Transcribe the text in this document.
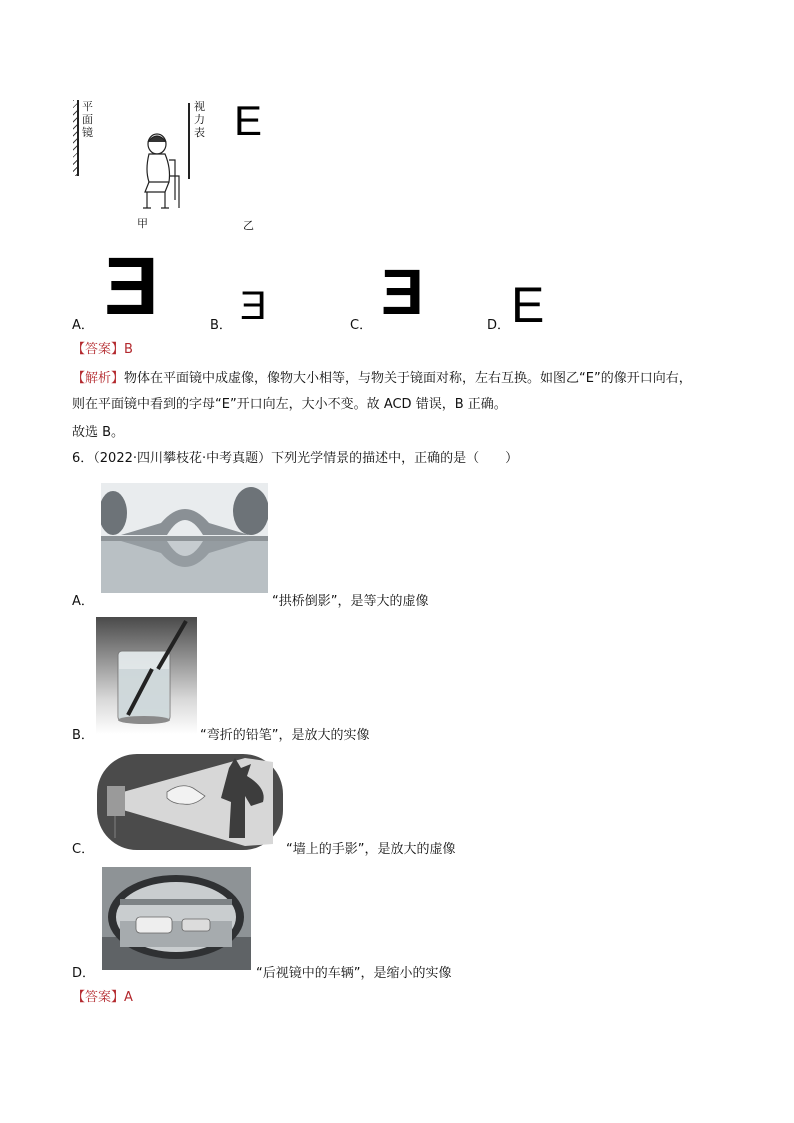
平面镜
视力表 E
甲	乙
A． E	B． E	C． E	D． E
【答案】B
【解析】物体在平面镜中成虚像，像物大小相等，与物关于镜面对称，左右互换。如图乙“E”的像开口向右，
则在平面镜中看到的字母“E”开口向左，大小不变。故 ACD 错误，B 正确。
故选 B。
6．（2022·四川攀枝花·中考真题）下列光学情景的描述中，正确的是（　　）
A．	“拱桥倒影”，是等大的虚像
B．	“弯折的铅笔”，是放大的实像
C．	“墙上的手影”，是放大的虚像
D．	“后视镜中的车辆”，是缩小的实像
【答案】A
